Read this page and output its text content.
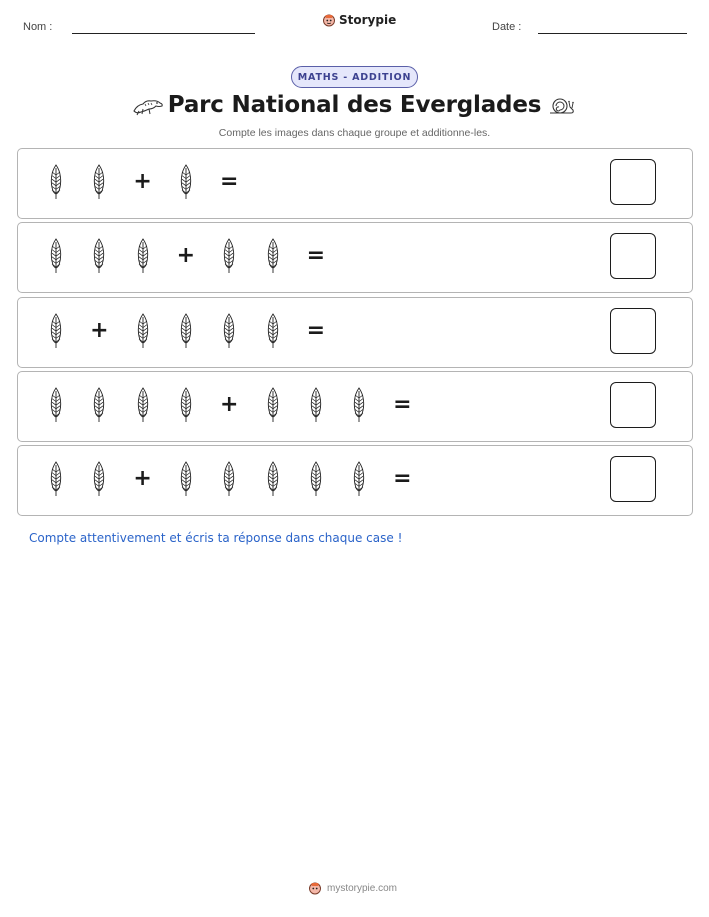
Nom :	Storypie	Date :
MATHS - ADDITION
Parc National des Everglades
Compte les images dans chaque groupe et additionne-les.
+	=
+	=
+	=
+	=
+	=
Compte attentivement et écris ta réponse dans chaque case !
mystorypie.com
